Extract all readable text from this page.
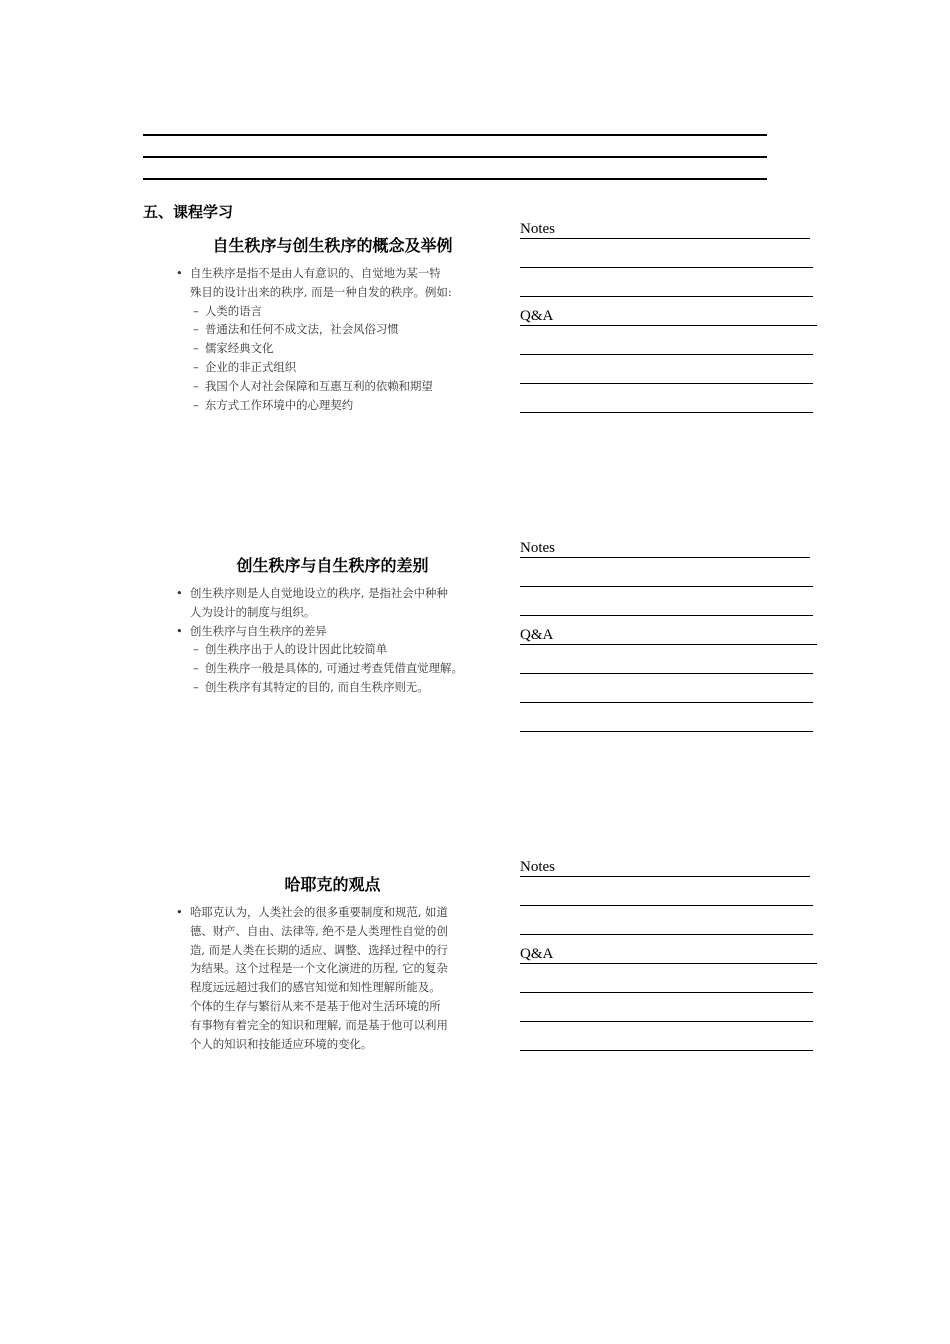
五、课程学习
自生秩序与创生秩序的概念及举例
• 自生秩序是指不是由人有意识的、自觉地为某一特
殊目的设计出来的秩序, 而是一种自发的秩序。例如:
– 人类的语言
– 普通法和任何不成文法，社会风俗习惯
– 儒家经典文化
– 企业的非正式组织
– 我国个人对社会保障和互惠互利的依赖和期望
– 东方式工作环境中的心理契约
创生秩序与自生秩序的差别
• 创生秩序则是人自觉地设立的秩序, 是指社会中种种
人为设计的制度与组织。
• 创生秩序与自生秩序的差异
– 创生秩序出于人的设计因此比较简单
– 创生秩序一般是具体的, 可通过考查凭借直觉理解。
– 创生秩序有其特定的目的, 而自生秩序则无。
哈耶克的观点
• 哈耶克认为，人类社会的很多重要制度和规范, 如道
德、财产、自由、法律等, 绝不是人类理性自觉的创
造, 而是人类在长期的适应、调整、选择过程中的行
为结果。这个过程是一个文化演进的历程, 它的复杂
程度远远超过我们的感官知觉和知性理解所能及。
个体的生存与繁衍从来不是基于他对生活环境的所
有事物有着完全的知识和理解, 而是基于他可以利用
个人的知识和技能适应环境的变化。
Notes
Q&A
Notes
Q&A
Notes
Q&A
